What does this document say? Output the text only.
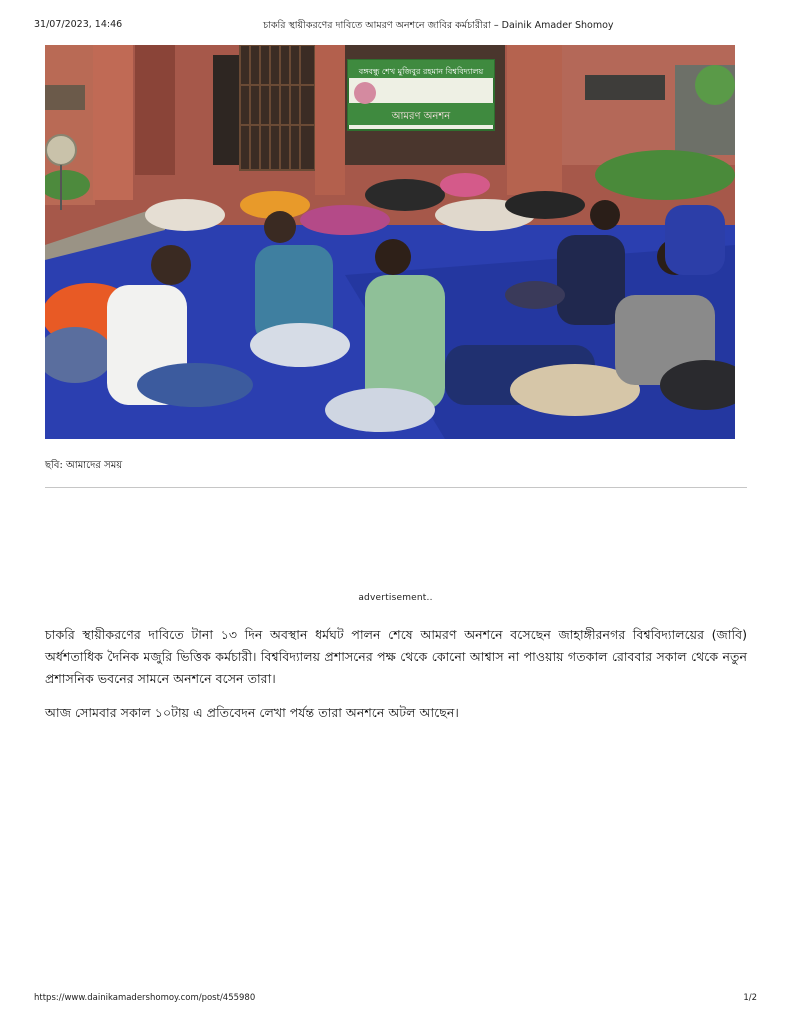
31/07/2023, 14:46	চাকরি স্থায়ীকরণের দাবিতে আমরণ অনশনে জাবির কর্মচারীরা – Dainik Amader Shomoy
বঙ্গবন্ধু শেখ মুজিবুর রহমান বিশ্ববিদ্যালয়
আমরণ অনশন
ছবি: আমাদের সময়
advertisement..

চাকরি স্থায়ীকরণের দাবিতে টানা ১৩ দিন অবস্থান ধর্মঘট পালন শেষে আমরণ অনশনে বসেছেন জাহাঙ্গীরনগর বিশ্ববিদ্যালয়ের (জাবি) অর্ধশতাধিক দৈনিক মজুরি ভিত্তিক কর্মচারী। বিশ্ববিদ্যালয় প্রশাসনের পক্ষ থেকে কোনো আশ্বাস না পাওয়ায় গতকাল রোববার সকাল থেকে নতুন প্রশাসনিক ভবনের সামনে অনশনে বসেন তারা।

আজ সোমবার সকাল ১০টায় এ প্রতিবেদন লেখা পর্যন্ত তারা অনশনে অটল আছেন।

https://www.dainikamadershomoy.com/post/455980	1/2
